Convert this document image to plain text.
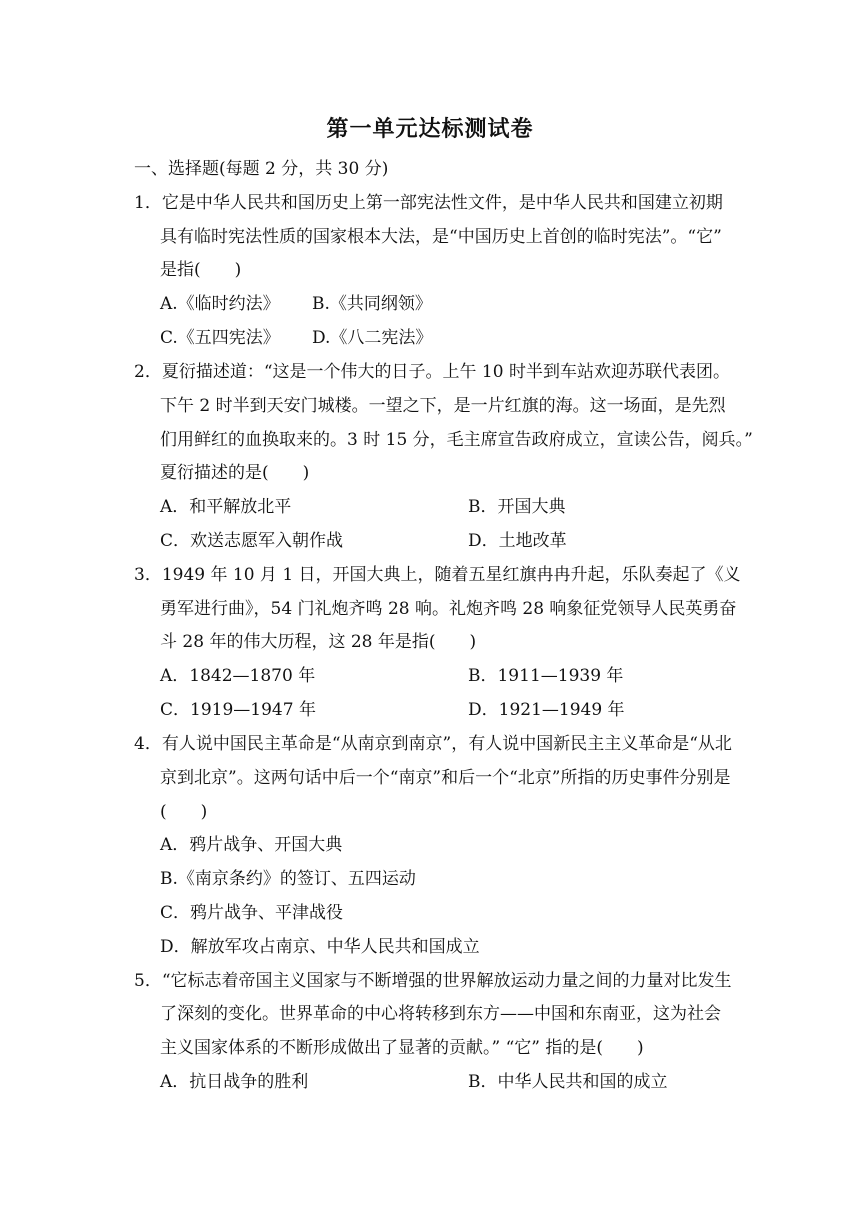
第一单元达标测试卷
一、选择题(每题 2 分，共 30 分)
1．它是中华人民共和国历史上第一部宪法性文件，是中华人民共和国建立初期
具有临时宪法性质的国家根本大法，是“中国历史上首创的临时宪法”。“它”
是指(　　)
A.《临时约法》 B.《共同纲领》
C.《五四宪法》 D.《八二宪法》
2．夏衍描述道：“这是一个伟大的日子。上午 10 时半到车站欢迎苏联代表团。
下午 2 时半到天安门城楼。一望之下，是一片红旗的海。这一场面，是先烈
们用鲜红的血换取来的。3 时 15 分，毛主席宣告政府成立，宣读公告，阅兵。”
夏衍描述的是(　　)
A．和平解放北平	B．开国大典
C．欢送志愿军入朝作战	D．土地改革
3．1949 年 10 月 1 日，开国大典上，随着五星红旗冉冉升起，乐队奏起了《义
勇军进行曲》，54 门礼炮齐鸣 28 响。礼炮齐鸣 28 响象征党领导人民英勇奋
斗 28 年的伟大历程，这 28 年是指(　　)
A．1842—1870 年	B．1911—1939 年
C．1919—1947 年	D．1921—1949 年
4．有人说中国民主革命是“从南京到南京”，有人说中国新民主主义革命是“从北
京到北京”。这两句话中后一个“南京”和后一个“北京”所指的历史事件分别是
(　　)
A．鸦片战争、开国大典
B.《南京条约》的签订、五四运动
C．鸦片战争、平津战役
D．解放军攻占南京、中华人民共和国成立
5．“它标志着帝国主义国家与不断增强的世界解放运动力量之间的力量对比发生
了深刻的变化。世界革命的中心将转移到东方——中国和东南亚，这为社会
主义国家体系的不断形成做出了显著的贡献。” “它” 指的是(　　)
A．抗日战争的胜利	B．中华人民共和国的成立
